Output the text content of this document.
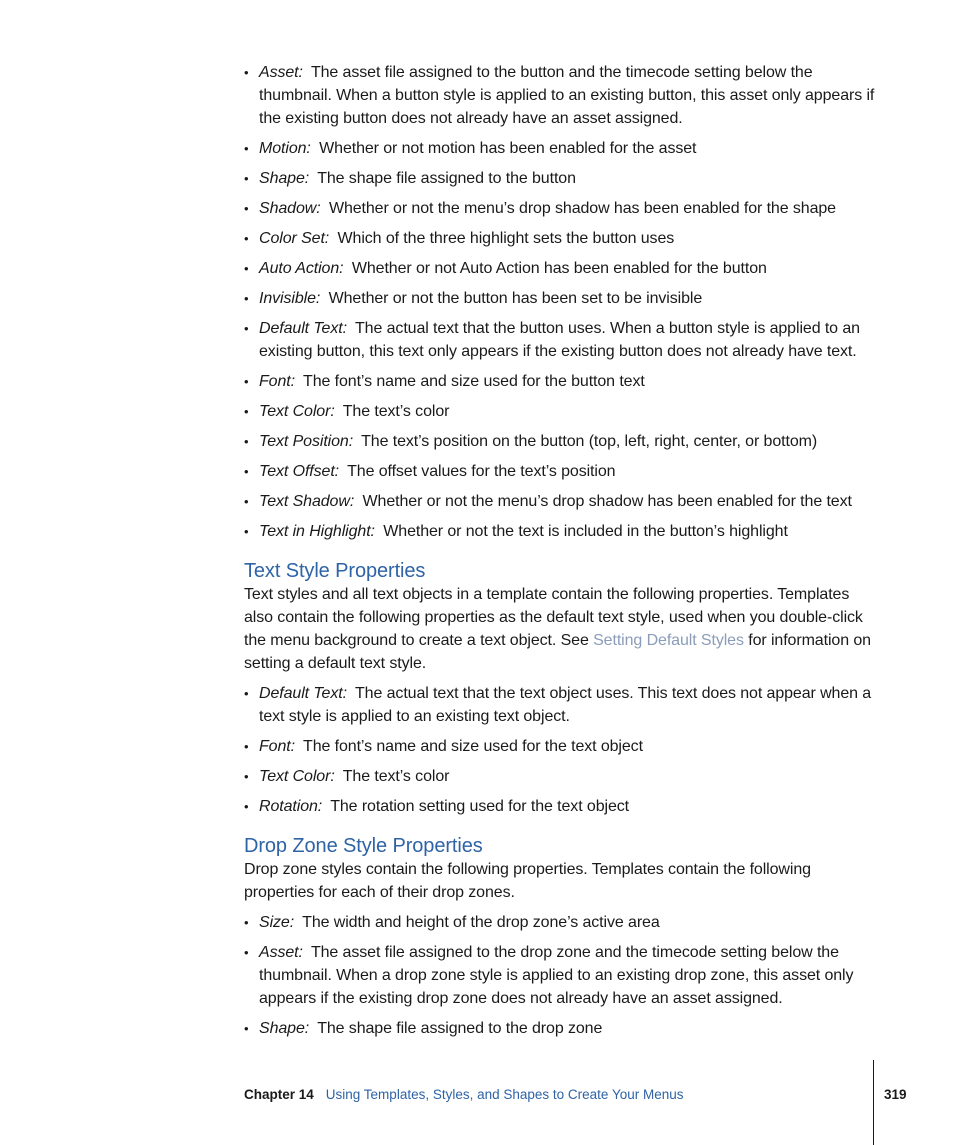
• Asset: The asset file assigned to the button and the timecode setting below the thumbnail. When a button style is applied to an existing button, this asset only appears if the existing button does not already have an asset assigned.
• Motion: Whether or not motion has been enabled for the asset
• Shape: The shape file assigned to the button
• Shadow: Whether or not the menu’s drop shadow has been enabled for the shape
• Color Set: Which of the three highlight sets the button uses
• Auto Action: Whether or not Auto Action has been enabled for the button
• Invisible: Whether or not the button has been set to be invisible
• Default Text: The actual text that the button uses. When a button style is applied to an existing button, this text only appears if the existing button does not already have text.
• Font: The font’s name and size used for the button text
• Text Color: The text’s color
• Text Position: The text’s position on the button (top, left, right, center, or bottom)
• Text Offset: The offset values for the text’s position
• Text Shadow: Whether or not the menu’s drop shadow has been enabled for the text
• Text in Highlight: Whether or not the text is included in the button’s highlight
Text Style Properties

Text styles and all text objects in a template contain the following properties. Templates also contain the following properties as the default text style, used when you double-click the menu background to create a text object. See Setting Default Styles for information on setting a default text style.

• Default Text: The actual text that the text object uses. This text does not appear when a text style is applied to an existing text object.
• Font: The font’s name and size used for the text object
• Text Color: The text’s color
• Rotation: The rotation setting used for the text object
Drop Zone Style Properties

Drop zone styles contain the following properties. Templates contain the following properties for each of their drop zones.

• Size: The width and height of the drop zone’s active area
• Asset: The asset file assigned to the drop zone and the timecode setting below the thumbnail. When a drop zone style is applied to an existing drop zone, this asset only appears if the existing drop zone does not already have an asset assigned.
• Shape: The shape file assigned to the drop zone
Chapter 14 Using Templates, Styles, and Shapes to Create Your Menus	319
